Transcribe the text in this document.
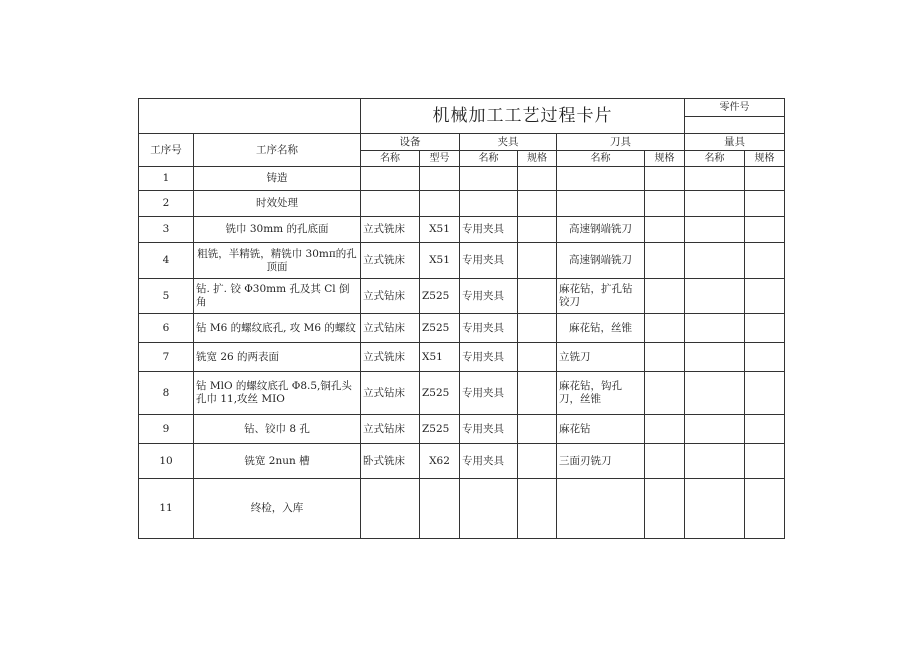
		机械加工工艺过程卡片						零件号	

工序号	工序名称	设备		夹具		刀具		量具	
		名称	型号	名称	规格	名称	规格	名称	规格
1	铸造								
2	时效处理								
3	铣巾 30mm 的孔底面	立式铣床	X51	专用夹具		高速钢端铣刀			
4	粗铣，半精铣，精铣巾 30mπ的孔顶面	立式铣床	X51	专用夹具		高速钢端铣刀			
5	钻. 扩. 铰 Φ30mm 孔及其 Cl 倒角	立式钻床	Z525	专用夹具		麻花钻，扩孔钻铰刀			
6	钻 M6 的螺纹底孔, 攻 M6 的螺纹	立式钻床	Z525	专用夹具		麻花钻，丝锥			
7	铣宽 26 的两表面	立式铣床	X51	专用夹具		立铣刀			
8	钻 MlO 的螺纹底孔 Φ8.5,铜孔头孔巾 11,攻丝 MIO	立式钻床	Z525	专用夹具		麻花钻，钩孔刀，丝锥			
9	钻、铰巾 8 孔	立式钻床	Z525	专用夹具		麻花钻			
10	铣宽 2nun 槽	卧式铣床	X62	专用夹具		三面刃铣刀			
11	终检，入库								
